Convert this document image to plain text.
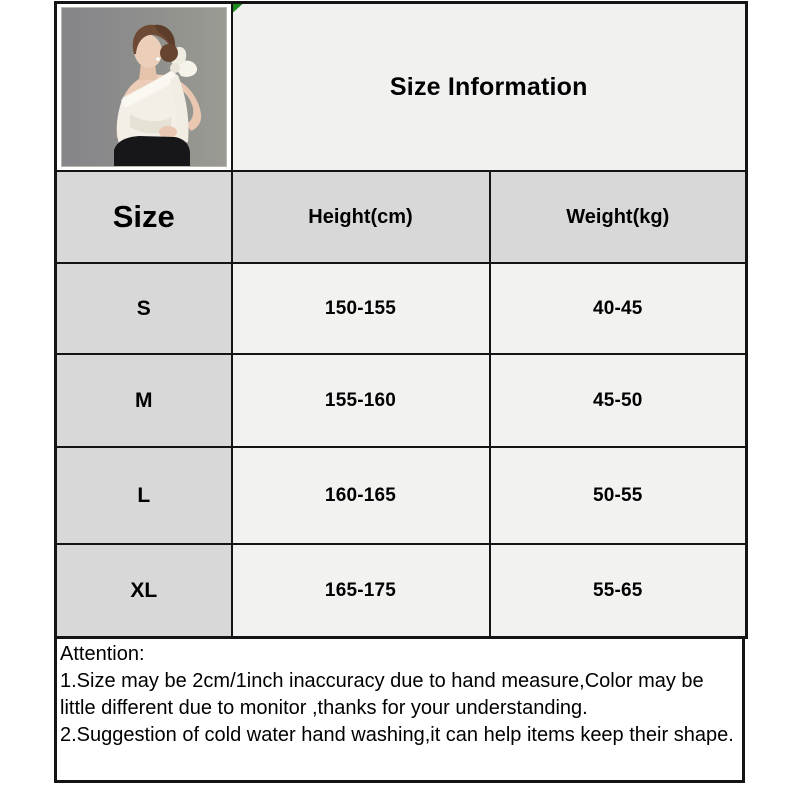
Size Information	
Size	Height(cm)	Weight(kg)
S	150-155	40-45
M	155-160	45-50
L	160-165	50-55
XL	165-175	55-65
Attention:
1.Size may be 2cm/1inch inaccuracy due to hand measure,Color may be little different due to monitor ,thanks for your understanding.
2.Suggestion of cold water hand washing,it can help items keep their shape.
